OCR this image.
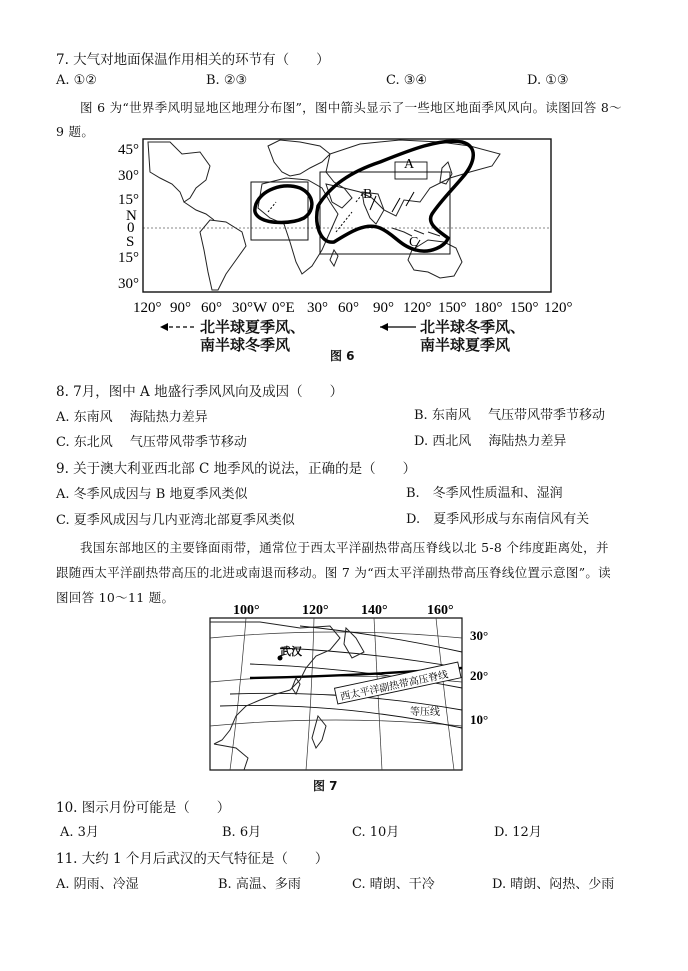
7. 大气对地面保温作用相关的环节有（　　）
A. ①②	B. ②③	C. ③④	D. ①③
图 6 为“世界季风明显地区地理分布图”，图中箭头显示了一些地区地面季风风向。读图回答 8～
9 题。
A
B
C
45°
30°
15°
N
0
S
15°
30°
120° 90° 60° 30°W 0°E 30° 60° 90° 120° 150° 180° 150° 120°
北半球夏季风、
南半球冬季风
北半球冬季风、
南半球夏季风
图 6
8. 7月，图中 A 地盛行季风风向及成因（　　）
A. 东南风　 海陆热力差异	B. 东南风　 气压带风带季节移动
C. 东北风　 气压带风带季节移动	D. 西北风　 海陆热力差异
9. 关于澳大利亚西北部 C 地季风的说法，正确的是（　　）
A. 冬季风成因与 B 地夏季风类似	B.　冬季风性质温和、湿润
C. 夏季风成因与几内亚湾北部夏季风类似	D.　夏季风形成与东南信风有关
我国东部地区的主要锋面雨带，通常位于西太平洋副热带高压脊线以北 5-8 个纬度距离处，并
跟随西太平洋副热带高压的北进或南退而移动。图 7 为“西太平洋副热带高压脊线位置示意图”。读
图回答 10～11 题。
100°	120° 140°	160°
武汉
西太平洋副热带高压脊线
等压线
30°
20°
10°
图 7
10. 图示月份可能是（　　）
A. 3月	B. 6月	C. 10月	D. 12月
11. 大约 1 个月后武汉的天气特征是（　　）
A. 阴雨、冷湿	B. 高温、多雨	C. 晴朗、干冷	D. 晴朗、闷热、少雨
